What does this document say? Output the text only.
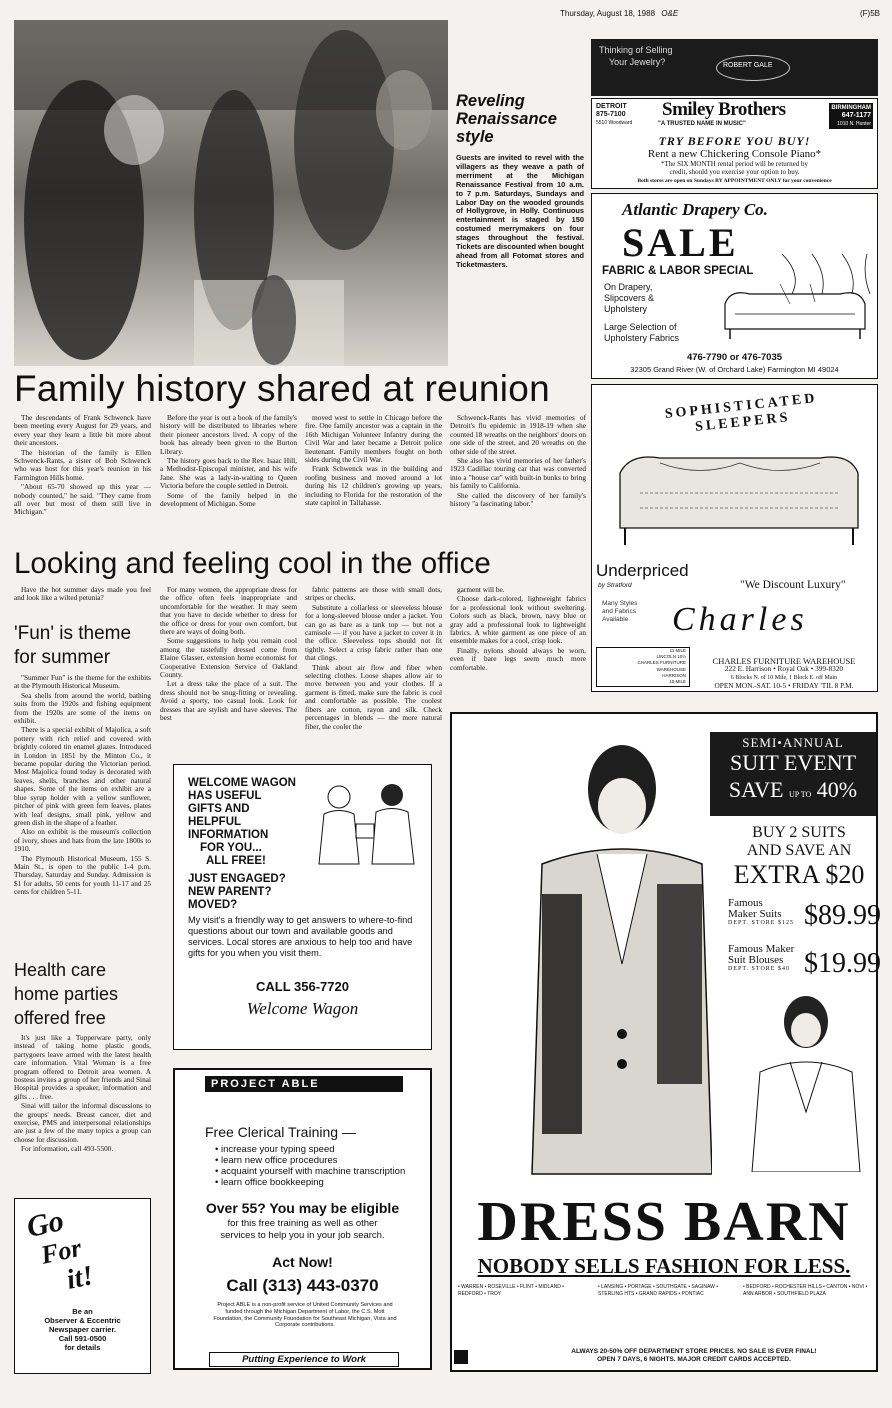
Thursday, August 18, 1988 O&E	(F)5B
Reveling Renaissance style
Guests are invited to revel with the villagers as they weave a path of merriment at the Michigan Renaissance Festival from 10 a.m. to 7 p.m. Saturdays, Sundays and Labor Day on the wooded grounds of Hollygrove, in Holly. Continuous entertainment is staged by 150 costumed merrymakers on four stages throughout the festival. Tickets are discounted when bought ahead from all Fotomat stores and Ticketmasters.
Thinking of Selling
Your Jewelry?	ROBERT GALE
DETROIT
875-7100
5510 Woodward
Smiley Brothers
"A TRUSTED NAME IN MUSIC"
BIRMINGHAM
647-1177
1010 N. Hunter
TRY BEFORE YOU BUY!
Rent a new Chickering Console Piano*
*The SIX MONTH rental period will be returned by
credit, should you exercise your option to buy.
Both stores are open on Sundays BY APPOINTMENT ONLY for your convenience
Atlantic Drapery Co.
SALE
FABRIC & LABOR SPECIAL
On Drapery,
Slipcovers &
Upholstery
Large Selection of
Upholstery Fabrics
476-7790 or 476-7035
32305 Grand River (W. of Orchard Lake) Farmington MI 49024
Family history shared at reunion

The descendants of Frank Schwenck have been meeting every August for 29 years, and every year they learn a little bit more about their ancestors.

The historian of the family is Ellen Schwenck-Rants, a sister of Bob Schwenck who was host for this year's reunion in his Farmington Hills home.

"About 65-70 showed up this year — nobody counted," he said. "They came from all over but most of them still live in Michigan."

Before the year is out a book of the family's history will be distributed to libraries where their pioneer ancestors lived. A copy of the book has already been given to the Burton Library.

The history goes back to the Rev. Isaac Hill, a Methodist-Episcopal minister, and his wife Jane. She was a lady-in-waiting to Queen Victoria before the couple settled in Detroit.

Some of the family helped in the development of Michigan. Some

moved west to settle in Chicago before the fire. One family ancestor was a captain in the 16th Michigan Volunteer Infantry during the Civil War and later became a Detroit police lieutenant. Family members fought on both sides during the Civil War.

Frank Schwenck was in the building and roofing business and moved around a lot during his 12 children's growing up years, including to Florida for the restoration of the state capitol in Tallahasse.

Schwenck-Rants has vivid memories of Detroit's flu epidemic in 1918-19 when she counted 18 wreaths on the neighbors' doors on one side of the street, and 20 wreaths on the other side of the street.

She also has vivid memories of her father's 1923 Cadillac touring car that was converted into a "house car" with built-in bunks to bring his family to California.

She called the discovery of her family's history "a fascinating labor."

SOPHISTICATED SLEEPERS
Underpriced
by Stratford	"We Discount Luxury"
Many Styles
and Fabrics
Available Charles
11 MILE
LINCOLN 10½
CHARLES FURNITURE
WAREHOUSE
HARRISON
10 MILE
CHARLES FURNITURE WAREHOUSE
222 E. Harrison • Royal Oak • 399-8320
6 Blocks N. of 10 Mile, 1 Block E. off Main
OPEN MON.-SAT. 10-5 • FRIDAY 'TIL 8 P.M.
Looking and feeling cool in the office

Have the hot summer days made you feel and look like a wilted petunia?

For many women, the appropriate dress for the office often feels inappropriate and uncomfortable for the weather. It may seem that you have to decide whether to dress for the office or dress for your own comfort, but there are ways of doing both.

Some suggestions to help you remain cool among the tastefully dressed come from Elaine Glasser, extension home economist for Cooperative Extension Service of Oakland County.

Let a dress take the place of a suit. The dress should not be snug-fitting or revealing. Avoid a sporty, too casual look. Look for dresses that are stylish and have sleeves. The best

fabric patterns are those with small dots, stripes or checks.

Substitute a collarless or sleeveless blouse for a long-sleeved blouse under a jacket. You can go as bare as a tank top — but not a camisole — if you have a jacket to cover it in the office. Sleeveless tops should not fit tightly. Select a crisp fabric rather than one that clings.

Think about air flow and fiber when selecting clothes. Loose shapes allow air to move between you and your clothes. If a garment is fitted, make sure the fabric is cool and comfortable as possible. The coolest fibers are cotton, rayon and silk. Check percentages in blends — the more natural fiber, the cooler the

garment will be.

Choose dark-colored, lightweight fabrics for a professional look without sweltering. Colors such as black, brown, navy blue or gray add a professional look to lightweight fabrics. A white garment as one piece of an ensemble makes for a cool, crisp look.

Finally, nylons should always be worn, even if bare legs seem much more comfortable.

'Fun' is theme
for summer

"Summer Fun" is the theme for the exhibits at the Plymouth Historical Museum.

Sea shells from around the world, bathing suits from the 1920s and fishing equipment from the 1920s are some of the items on exhibit.

There is a special exhibit of Majolica, a soft pottery with rich relief and covered with brightly colored tin enamel glazes. Introduced in London in 1851 by the Minton Co., it became popular during the Victorian period. Most Majolica found today is decorated with leaves, shells, branches and other natural shapes. Some of the items on exhibit are a blue syrup holder with a yellow sunflower, pitcher of pink with green fern leaves, plates with leaf designs, small pink, yellow and green dish in the shape of a feather.

Also on exhibit is the museum's collection of ivory, shoes and hats from the late 1800s to 1910.

The Plymouth Historical Museum, 155 S. Main St., is open to the public 1-4 p.m. Thursday, Saturday and Sunday. Admission is $1 for adults, 50 cents for youth 11-17 and 25 cents for children 5-11.

Health care
home parties
offered free

It's just like a Tupperware party, only instead of taking home plastic goods, partygoers leave armed with the latest health care information. Vital Woman is a free program offered to Detroit area women. A hostess invites a group of her friends and Sinai Hospital provides a speaker, information and gifts . . . free.

Sinai will tailor the informal discussions to the groups' needs. Breast cancer, diet and exercise, PMS and interpersonal relationships are just a few of the many topics a group can choose for discussion.

For information, call 493-5500.

Go
For
it!
Be an
Observer & Eccentric
Newspaper carrier.
Call 591-0500
for details
WELCOME WAGON
HAS USEFUL
GIFTS AND
HELPFUL
INFORMATION
FOR YOU...
ALL FREE!
JUST ENGAGED?
NEW PARENT?
MOVED?
My visit's a friendly way to get answers to where-to-find questions about our town and available goods and services. Local stores are anxious to help too and have gifts for you when you visit them.
CALL 356-7720
Welcome Wagon
PROJECT ABLE
Free Clerical Training —
• increase your typing speed
• learn new office procedures
• acquaint yourself with machine transcription
• learn office bookkeeping
Over 55? You may be eligible
for this free training as well as other
services to help you in your job search.
Act Now!
Call (313) 443-0370
Project ABLE is a non-profit service of United Community Services and funded through the Michigan Department of Labor, the C.S. Mott Foundation, the Community Foundation for Southeast Michigan, Vista and Corporate contributions.
Putting Experience to Work
SEMI•ANNUAL
SUIT EVENT
SAVE UP TO 40%
BUY 2 SUITS
AND SAVE AN
EXTRA $20
Famous
Maker Suits
DEPT. STORE $125 $89.99
Famous Maker
Suit Blouses
DEPT. STORE $40 $19.99
DRESS BARN
NOBODY SELLS FASHION FOR LESS.
• WARREN • ROSEVILLE • FLINT • MIDLAND • REDFORD • TROY
• LANSING • PORTAGE • SOUTHGATE • SAGINAW • STERLING HTS • GRAND RAPIDS • PONTIAC
• BEDFORD • ROCHESTER HILLS • CANTON • NOVI • ANN ARBOR • SOUTHFIELD PLAZA
ALWAYS 20-50% OFF DEPARTMENT STORE PRICES. NO SALE IS EVER FINAL!
OPEN 7 DAYS, 6 NIGHTS. MAJOR CREDIT CARDS ACCEPTED.
